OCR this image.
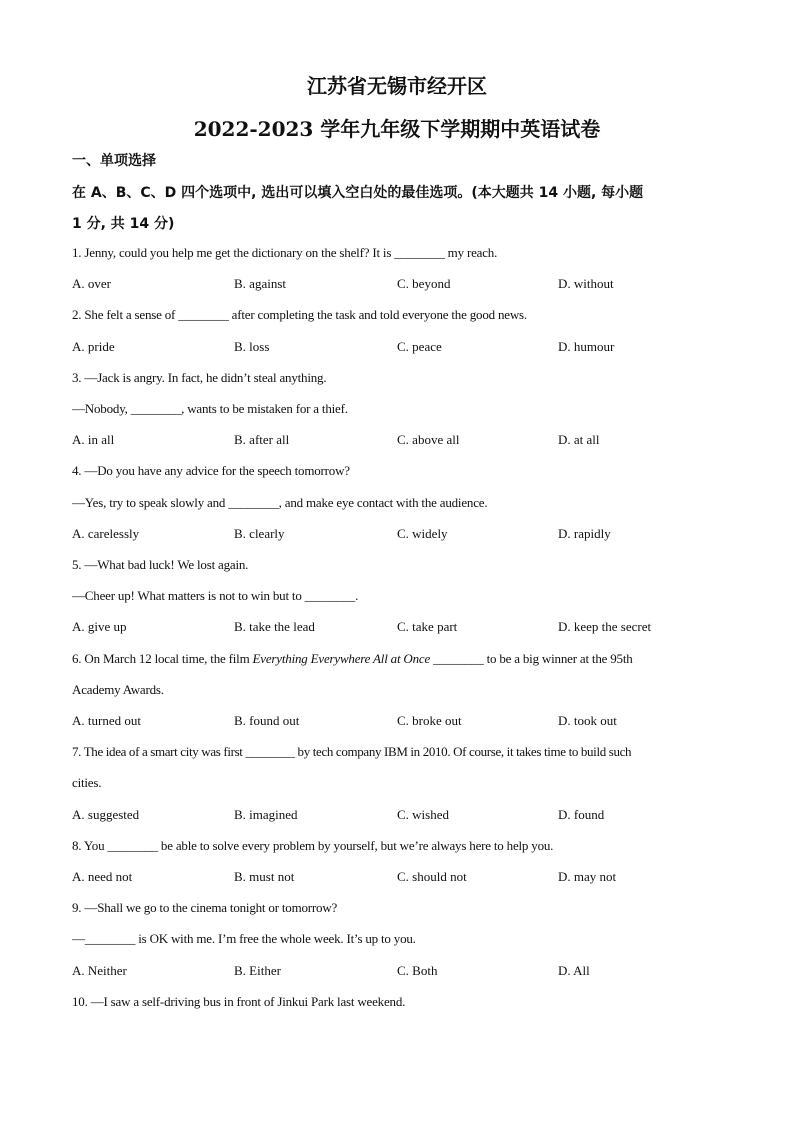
江苏省无锡市经开区
2022-2023 学年九年级下学期期中英语试卷
一、单项选择
在 A、B、C、D 四个选项中, 选出可以填入空白处的最佳选项。(本大题共 14 小题, 每小题
1 分, 共 14 分)
1. Jenny, could you help me get the dictionary on the shelf? It is ________ my reach.
A. over	B. against	C. beyond	D. without
2. She felt a sense of ________ after completing the task and told everyone the good news.
A. pride	B. loss	C. peace	D. humour
3. —Jack is angry. In fact, he didn’t steal anything.
—Nobody, ________, wants to be mistaken for a thief.
A. in all	B. after all	C. above all	D. at all
4. —Do you have any advice for the speech tomorrow?
—Yes, try to speak slowly and ________, and make eye contact with the audience.
A. carelessly	B. clearly	C. widely	D. rapidly
5. —What bad luck! We lost again.
—Cheer up! What matters is not to win but to ________.
A. give up	B. take the lead	C. take part	D. keep the secret
6. On March 12 local time, the film Everything Everywhere All at Once ________ to be a big winner at the 95th
Academy Awards.
A. turned out	B. found out	C. broke out	D. took out
7. The idea of a smart city was first ________ by tech company IBM in 2010. Of course, it takes time to build such
cities.
A. suggested	B. imagined	C. wished	D. found
8. You ________ be able to solve every problem by yourself, but we’re always here to help you.
A. need not	B. must not	C. should not	D. may not
9. —Shall we go to the cinema tonight or tomorrow?
—________ is OK with me. I’m free the whole week. It’s up to you.
A. Neither	B. Either	C. Both	D. All
10. —I saw a self-driving bus in front of Jinkui Park last weekend.
